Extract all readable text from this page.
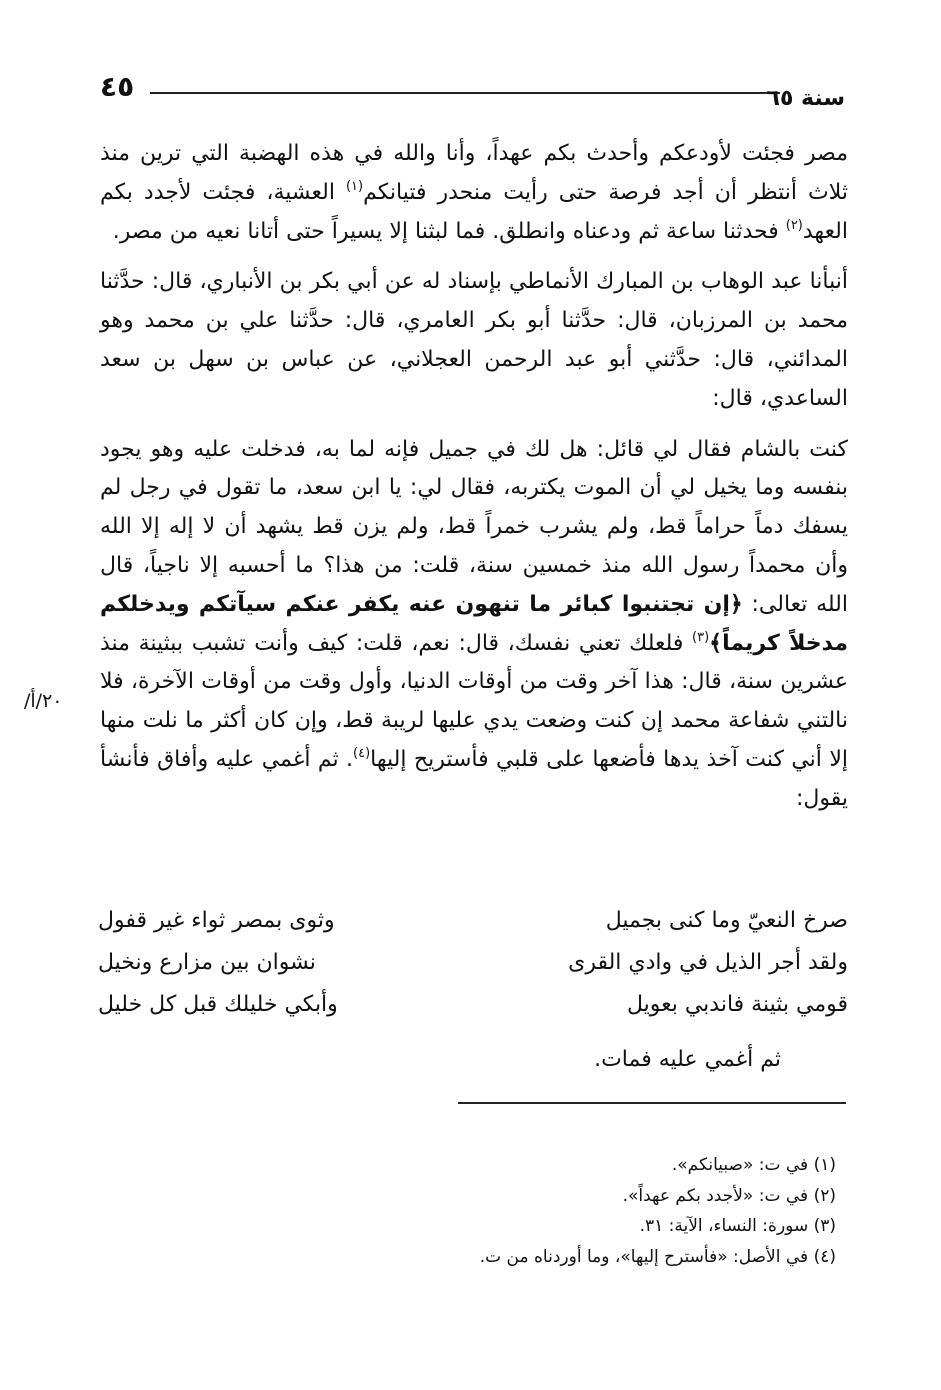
٤٥	سنة ٦٥

مصر فجئت لأودعكم وأحدث بكم عهداً، وأنا والله في هذه الهضبة التي ترين منذ ثلاث أنتظر أن أجد فرصة حتى رأيت منحدر فتيانكم$^{(١)}$ العشية، فجئت لأجدد بكم العهد$^{(٢)}$ فحدثنا ساعة ثم ودعناه وانطلق. فما لبثنا إلا يسيراً حتى أتانا نعيه من مصر.

أنبأنا عبد الوهاب بن المبارك الأنماطي بإسناد له عن أبي بكر بن الأنباري، قال: حدَّثنا محمد بن المرزبان، قال: حدَّثنا أبو بكر العامري، قال: حدَّثنا علي بن محمد وهو المدائني، قال: حدَّثني أبو عبد الرحمن العجلاني، عن عباس بن سهل بن سعد الساعدي، قال:

كنت بالشام فقال لي قائل: هل لك في جميل فإنه لما به، فدخلت عليه وهو يجود بنفسه وما يخيل لي أن الموت يكتربه، فقال لي: يا ابن سعد، ما تقول في رجل لم يسفك دماً حراماً قط، ولم يشرب خمراً قط، ولم يزن قط يشهد أن لا إله إلا الله وأن محمداً رسول الله منذ خمسين سنة، قلت: من هذا؟ ما أحسبه إلا ناجياً، قال الله تعالى: ﴿إن تجتنبوا كبائر ما تنهون عنه يكفر عنكم سيآتكم ويدخلكم مدخلاً كريماً﴾$^{(٣)}$ فلعلك تعني نفسك، قال: نعم، قلت: كيف وأنت تشبب ببثينة منذ عشرين سنة، قال: هذا آخر وقت من أوقات الدنيا، وأول وقت من أوقات الآخرة، فلا نالتني شفاعة محمد إن كنت وضعت يدي عليها لريبة قط، وإن كان أكثر ما نلت منها إلا أني كنت آخذ يدها فأضعها على قلبي فأستريح إليها$^{(٤)}$. ثم أغمي عليه وأفاق فأنشأ يقول:

/٢٠/أ
صرخ النعيّ وما كنى بجميل
وثوى بمصر ثواء غير قفول
ولقد أجر الذيل في وادي القرى
نشوان بين مزارع ونخيل
قومي بثينة فاندبي بعويل
وأبكي خليلك قبل كل خليل
ثم أغمي عليه فمات.
(١) في ت: «صبيانكم».
(٢) في ت: «لأجدد بكم عهداً».
(٣) سورة: النساء، الآية: ٣١.
(٤) في الأصل: «فأسترح إليها»، وما أوردناه من ت.
